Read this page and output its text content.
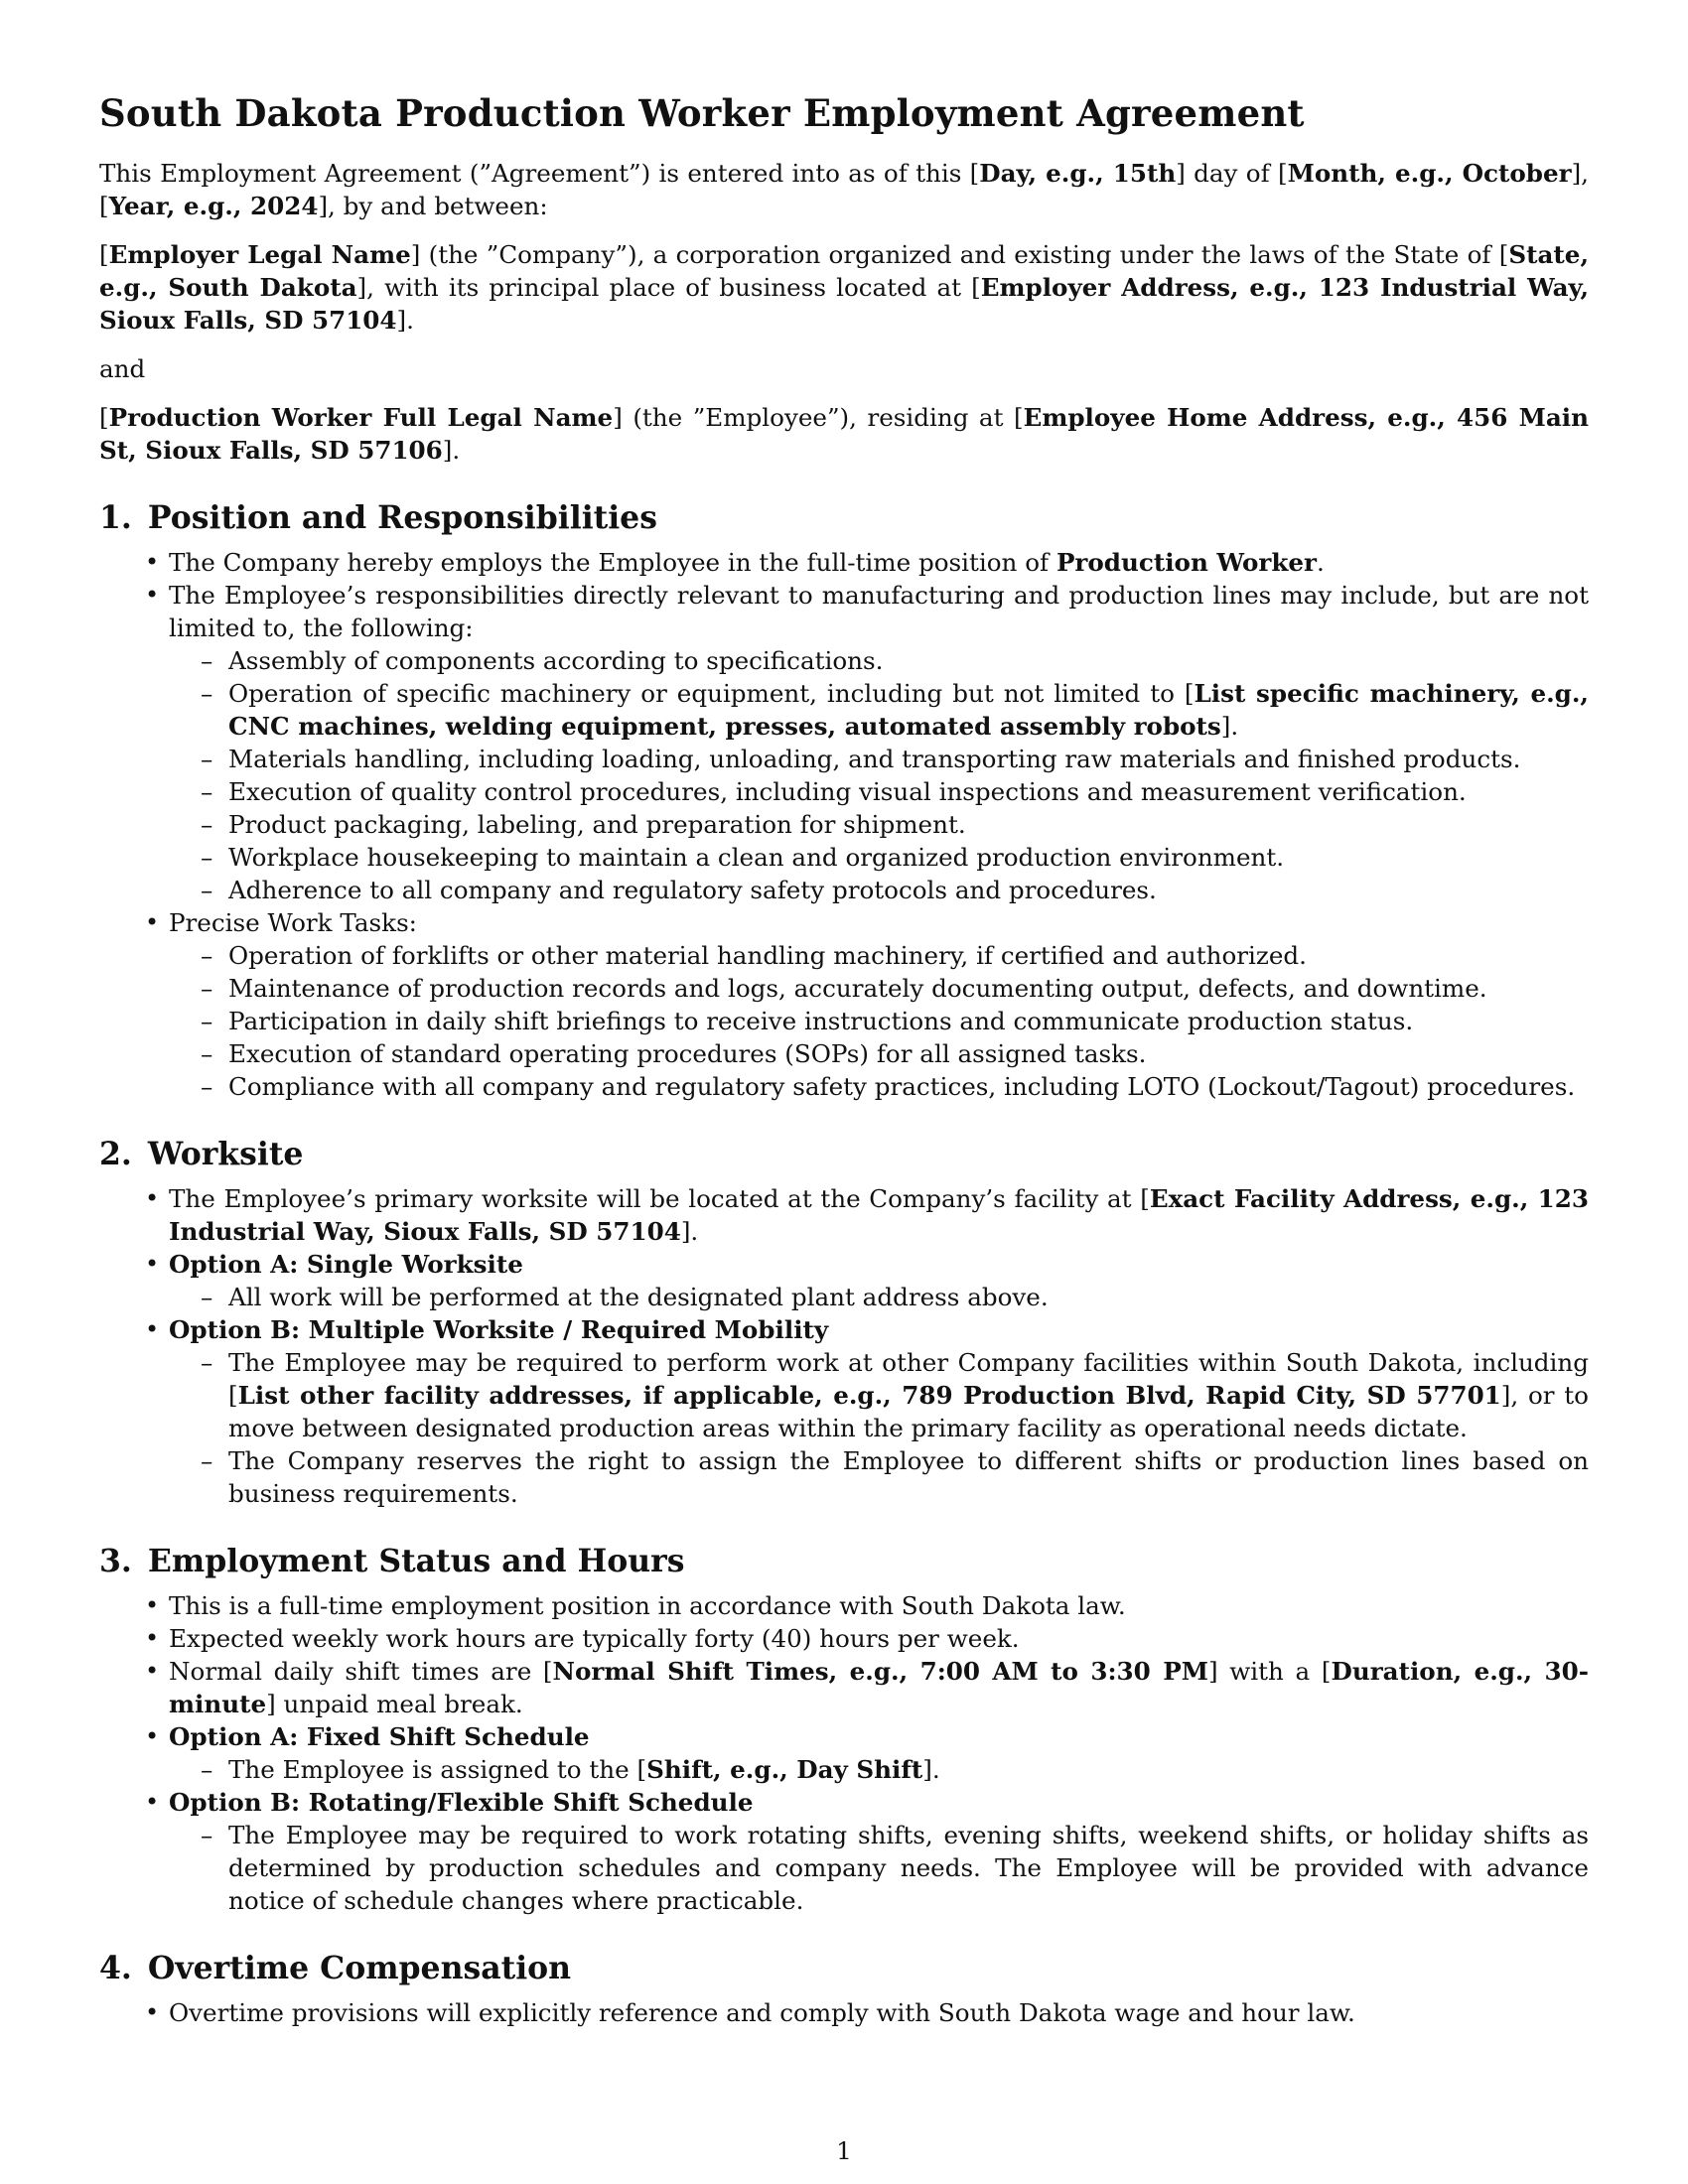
South Dakota Production Worker Employment Agreement

This Employment Agreement (”Agreement”) is entered into as of this [Day, e.g., 15th] day of [Month, e.g., October], [Year, e.g., 2024], by and between:

[Employer Legal Name] (the ”Company”), a corporation organized and existing under the laws of the State of [State, e.g., South Dakota], with its principal place of business located at [Employer Address, e.g., 123 Industrial Way, Sioux Falls, SD 57104].

and

[Production Worker Full Legal Name] (the ”Employee”), residing at [Employee Home Address, e.g., 456 Main St, Sioux Falls, SD 57106].

1. Position and Responsibilities
• The Company hereby employs the Employee in the full-time position of Production Worker.
• The Employee’s responsibilities directly relevant to manufacturing and production lines may include, but are not limited to, the following:
– Assembly of components according to specifications.
– Operation of specific machinery or equipment, including but not limited to [List specific machinery, e.g., CNC machines, welding equipment, presses, automated assembly robots].
– Materials handling, including loading, unloading, and transporting raw materials and finished products.
– Execution of quality control procedures, including visual inspections and measurement verification.
– Product packaging, labeling, and preparation for shipment.
– Workplace housekeeping to maintain a clean and organized production environment.
– Adherence to all company and regulatory safety protocols and procedures.
• Precise Work Tasks:
– Operation of forklifts or other material handling machinery, if certified and authorized.
– Maintenance of production records and logs, accurately documenting output, defects, and downtime.
– Participation in daily shift briefings to receive instructions and communicate production status.
– Execution of standard operating procedures (SOPs) for all assigned tasks.
– Compliance with all company and regulatory safety practices, including LOTO (Lockout/Tagout) procedures.
2. Worksite
• The Employee’s primary worksite will be located at the Company’s facility at [Exact Facility Address, e.g., 123 Industrial Way, Sioux Falls, SD 57104].
• Option A: Single Worksite
– All work will be performed at the designated plant address above.
• Option B: Multiple Worksite / Required Mobility
– The Employee may be required to perform work at other Company facilities within South Dakota, including [List other facility addresses, if applicable, e.g., 789 Production Blvd, Rapid City, SD 57701], or to move between designated production areas within the primary facility as operational needs dictate.
– The Company reserves the right to assign the Employee to different shifts or production lines based on business requirements.
3. Employment Status and Hours
• This is a full-time employment position in accordance with South Dakota law.
• Expected weekly work hours are typically forty (40) hours per week.
• Normal daily shift times are [Normal Shift Times, e.g., 7:00 AM to 3:30 PM] with a [Duration, e.g., 30-minute] unpaid meal break.
• Option A: Fixed Shift Schedule
– The Employee is assigned to the [Shift, e.g., Day Shift].
• Option B: Rotating/Flexible Shift Schedule
– The Employee may be required to work rotating shifts, evening shifts, weekend shifts, or holiday shifts as determined by production schedules and company needs. The Employee will be provided with advance notice of schedule changes where practicable.
4. Overtime Compensation
• Overtime provisions will explicitly reference and comply with South Dakota wage and hour law.
1
